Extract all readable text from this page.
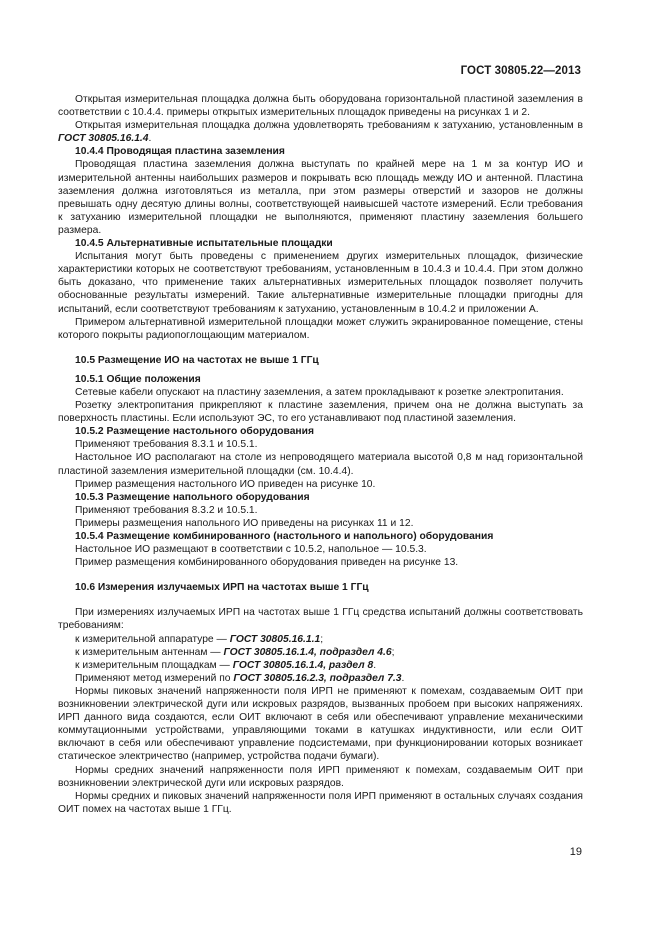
ГОСТ 30805.22—2013

Открытая измерительная площадка должна быть оборудована горизонтальной пластиной заземления в соответствии с 10.4.4. примеры открытых измерительных площадок приведены на рисунках 1 и 2.

Открытая измерительная площадка должна удовлетворять требованиям к затуханию, установленным в ГОСТ 30805.16.1.4.

10.4.4 Проводящая пластина заземления

Проводящая пластина заземления должна выступать по крайней мере на 1 м за контур ИО и измерительной антенны наибольших размеров и покрывать всю площадь между ИО и антенной. Пластина заземления должна изготовляться из металла, при этом размеры отверстий и зазоров не должны превышать одну десятую длины волны, соответствующей наивысшей частоте измерений. Если требования к затуханию измерительной площадки не выполняются, применяют пластину заземления большего размера.

10.4.5 Альтернативные испытательные площадки

Испытания могут быть проведены с применением других измерительных площадок, физические характеристики которых не соответствуют требованиям, установленным в 10.4.3 и 10.4.4. При этом должно быть доказано, что применение таких альтернативных измерительных площадок позволяет получить обоснованные результаты измерений. Такие альтернативные измерительные площадки пригодны для испытаний, если соответствуют требованиям к затуханию, установленным в 10.4.2 и приложении А.

Примером альтернативной измерительной площадки может служить экранированное помещение, стены которого покрыты радиопоглощающим материалом.

10.5 Размещение ИО на частотах не выше 1 ГГц

10.5.1 Общие положения

Сетевые кабели опускают на пластину заземления, а затем прокладывают к розетке электропитания.

Розетку электропитания прикрепляют к пластине заземления, причем она не должна выступать за поверхность пластины. Если используют ЭС, то его устанавливают под пластиной заземления.

10.5.2 Размещение настольного оборудования

Применяют требования 8.3.1 и 10.5.1.

Настольное ИО располагают на столе из непроводящего материала высотой 0,8 м над горизонтальной пластиной заземления измерительной площадки (см. 10.4.4).

Пример размещения настольного ИО приведен на рисунке 10.

10.5.3 Размещение напольного оборудования

Применяют требования 8.3.2 и 10.5.1.

Примеры размещения напольного ИО приведены на рисунках 11 и 12.

10.5.4 Размещение комбинированного (настольного и напольного) оборудования

Настольное ИО размещают в соответствии с 10.5.2, напольное — 10.5.3.

Пример размещения комбинированного оборудования приведен на рисунке 13.

10.6 Измерения излучаемых ИРП на частотах выше 1 ГГц

При измерениях излучаемых ИРП на частотах выше 1 ГГц средства испытаний должны соответствовать требованиям:

к измерительной аппаратуре — ГОСТ 30805.16.1.1;

к измерительным антеннам — ГОСТ 30805.16.1.4, подраздел 4.6;

к измерительным площадкам — ГОСТ 30805.16.1.4, раздел 8.

Применяют метод измерений по ГОСТ 30805.16.2.3, подраздел 7.3.

Нормы пиковых значений напряженности поля ИРП не применяют к помехам, создаваемым ОИТ при возникновении электрической дуги или искровых разрядов, вызванных пробоем при высоких напряжениях. ИРП данного вида создаются, если ОИТ включают в себя или обеспечивают управление механическими коммутационными устройствами, управляющими токами в катушках индуктивности, или если ОИТ включают в себя или обеспечивают управление подсистемами, при функционировании которых возникает статическое электричество (например, устройства подачи бумаги).

Нормы средних значений напряженности поля ИРП применяют к помехам, создаваемым ОИТ при возникновении электрической дуги или искровых разрядов.

Нормы средних и пиковых значений напряженности поля ИРП применяют в остальных случаях создания ОИТ помех на частотах выше 1 ГГц.

19
